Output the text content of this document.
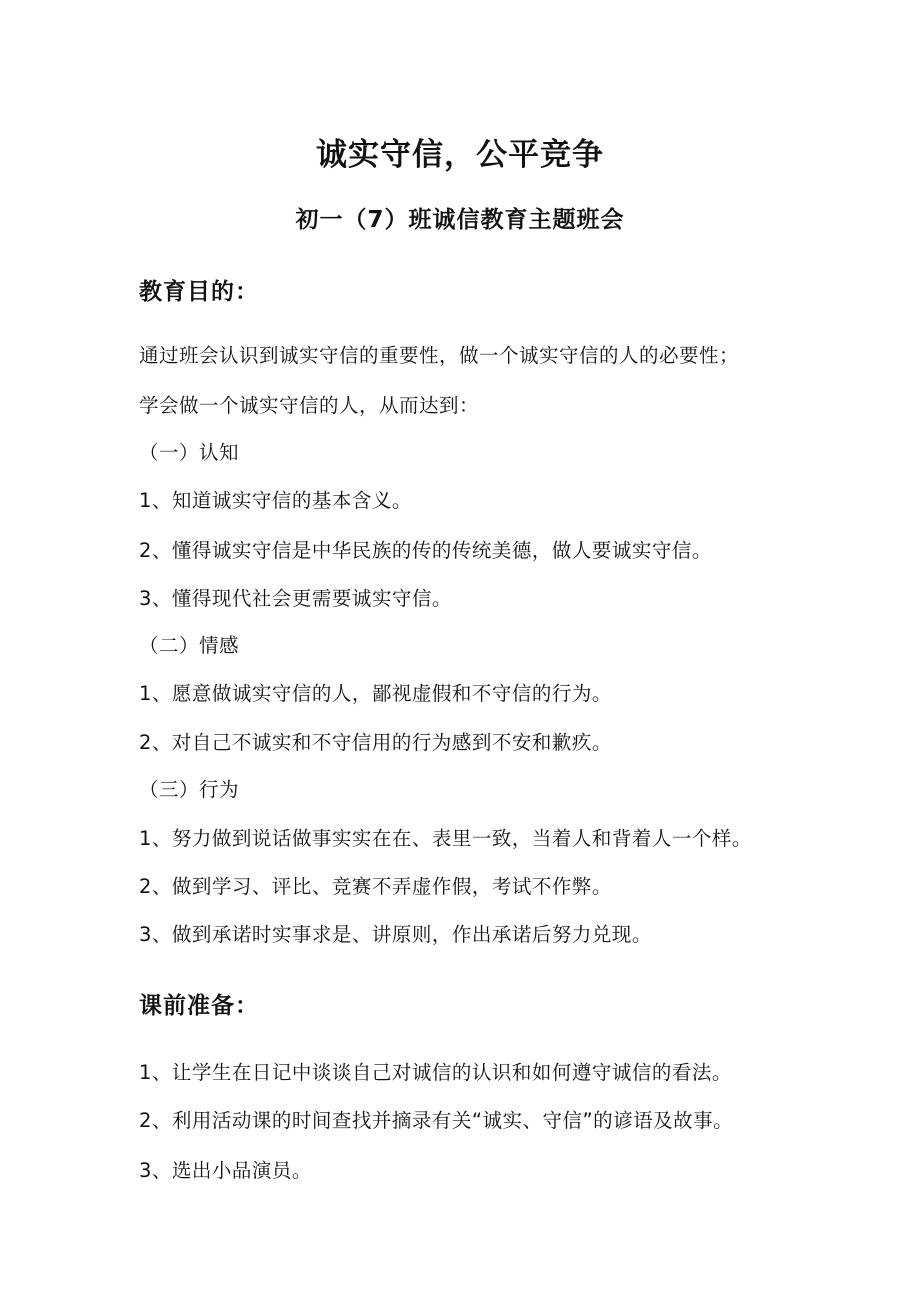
诚实守信，公平竞争
初一（7）班诚信教育主题班会
教育目的：
通过班会认识到诚实守信的重要性，做一个诚实守信的人的必要性；
学会做一个诚实守信的人，从而达到：
（一）认知
1、知道诚实守信的基本含义。
2、懂得诚实守信是中华民族的传的传统美德，做人要诚实守信。
3、懂得现代社会更需要诚实守信。
（二）情感
1、愿意做诚实守信的人，鄙视虚假和不守信的行为。
2、对自己不诚实和不守信用的行为感到不安和歉疚。
（三）行为
1、努力做到说话做事实实在在、表里一致，当着人和背着人一个样。
2、做到学习、评比、竞赛不弄虚作假，考试不作弊。
3、做到承诺时实事求是、讲原则，作出承诺后努力兑现。
课前准备：
1、让学生在日记中谈谈自己对诚信的认识和如何遵守诚信的看法。
2、利用活动课的时间查找并摘录有关“诚实、守信”的谚语及故事。
3、选出小品演员。
